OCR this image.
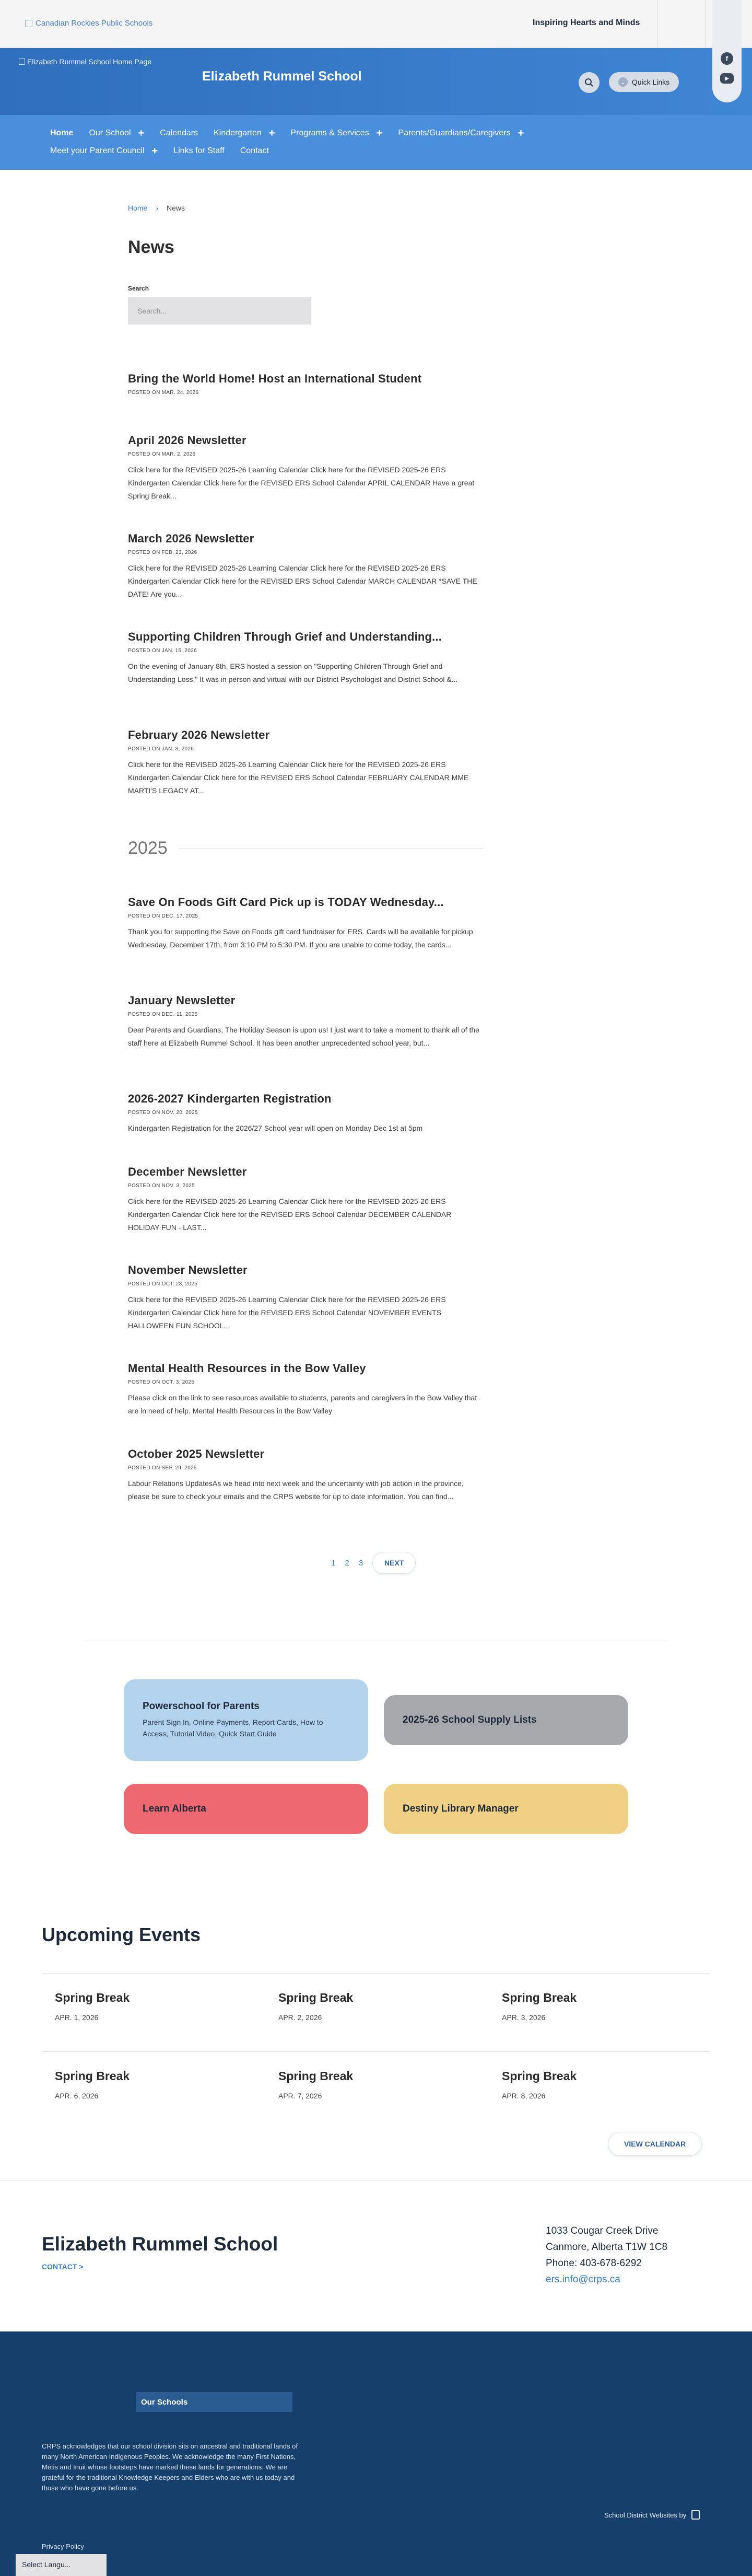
Canadian Rockies Public Schools	Inspiring Hearts and Minds
Elizabeth Rummel School Home Page
Elizabeth Rummel School	⌄ Quick Links
f
▶
Home Our School + Calendars Kindergarten + Programs & Services + Parents/Guardians/Caregivers +
Meet your Parent Council + Links for Staff Contact
Home › News
News
Search
Search...
Bring the World Home! Host an International Student
POSTED ON MAR. 24, 2026
April 2026 Newsletter
POSTED ON MAR. 2, 2026

Click here for the REVISED 2025-26 Learning Calendar Click here for the REVISED 2025-26 ERS Kindergarten Calendar Click here for the REVISED ERS School Calendar APRIL CALENDAR Have a great Spring Break...

March 2026 Newsletter
POSTED ON FEB. 23, 2026

Click here for the REVISED 2025-26 Learning Calendar Click here for the REVISED 2025-26 ERS Kindergarten Calendar Click here for the REVISED ERS School Calendar MARCH CALENDAR *SAVE THE DATE! Are you...

Supporting Children Through Grief and Understanding...
POSTED ON JAN. 15, 2026

On the evening of January 8th, ERS hosted a session on "Supporting Children Through Grief and Understanding Loss." It was in person and virtual with our District Psychologist and District School &...

February 2026 Newsletter
POSTED ON JAN. 8, 2026

Click here for the REVISED 2025-26 Learning Calendar Click here for the REVISED 2025-26 ERS Kindergarten Calendar Click here for the REVISED ERS School Calendar FEBRUARY CALENDAR MME MARTI'S LEGACY AT...

Save On Foods Gift Card Pick up is TODAY Wednesday...
POSTED ON DEC. 17, 2025

Thank you for supporting the Save on Foods gift card fundraiser for ERS. Cards will be available for pickup Wednesday, December 17th, from 3:10 PM to 5:30 PM. If you are unable to come today, the cards...

January Newsletter
POSTED ON DEC. 11, 2025

Dear Parents and Guardians, The Holiday Season is upon us! I just want to take a moment to thank all of the staff here at Elizabeth Rummel School. It has been another unprecedented school year, but...

2026-2027 Kindergarten Registration
POSTED ON NOV. 20, 2025

Kindergarten Registration for the 2026/27 School year will open on Monday Dec 1st at 5pm

December Newsletter
POSTED ON NOV. 3, 2025

Click here for the REVISED 2025-26 Learning Calendar Click here for the REVISED 2025-26 ERS Kindergarten Calendar Click here for the REVISED ERS School Calendar DECEMBER CALENDAR HOLIDAY FUN - LAST...

November Newsletter
POSTED ON OCT. 23, 2025

Click here for the REVISED 2025-26 Learning Calendar Click here for the REVISED 2025-26 ERS Kindergarten Calendar Click here for the REVISED ERS School Calendar NOVEMBER EVENTS HALLOWEEN FUN SCHOOL...

Mental Health Resources in the Bow Valley
POSTED ON OCT. 3, 2025

Please click on the link to see resources available to students, parents and caregivers in the Bow Valley that are in need of help. Mental Health Resources in the Bow Valley

October 2025 Newsletter
POSTED ON SEP. 29, 2025

Labour Relations UpdatesAs we head into next week and the uncertainty with job action in the province, please be sure to check your emails and the CRPS website for up to date information. You can find...

2025
1 2 3	NEXT
Powerschool for Parents
Parent Sign In, Online Payments, Report Cards, How to Access, Tutorial Video, Quick Start Guide
2025-26 School Supply Lists
Learn Alberta	Destiny Library Manager
Upcoming Events
Spring Break
APR. 1, 2026
Spring Break
APR. 2, 2026
Spring Break
APR. 3, 2026
Spring Break
APR. 6, 2026
Spring Break
APR. 7, 2026
Spring Break
APR. 8, 2026
VIEW CALENDAR
Elizabeth Rummel School
CONTACT >
1033 Cougar Creek Drive
Canmore, Alberta T1W 1C8
Phone: 403-678-6292
ers.info@crps.ca
Our Schools

CRPS acknowledges that our school division sits on ancestral and traditional lands of many North American Indigenous Peoples. We acknowledge the many First Nations, Métis and Inuit whose footsteps have marked these lands for generations. We are grateful for the traditional Knowledge Keepers and Elders who are with us today and those who have gone before us.

School District Websites by
Privacy Policy
Select Langu...
